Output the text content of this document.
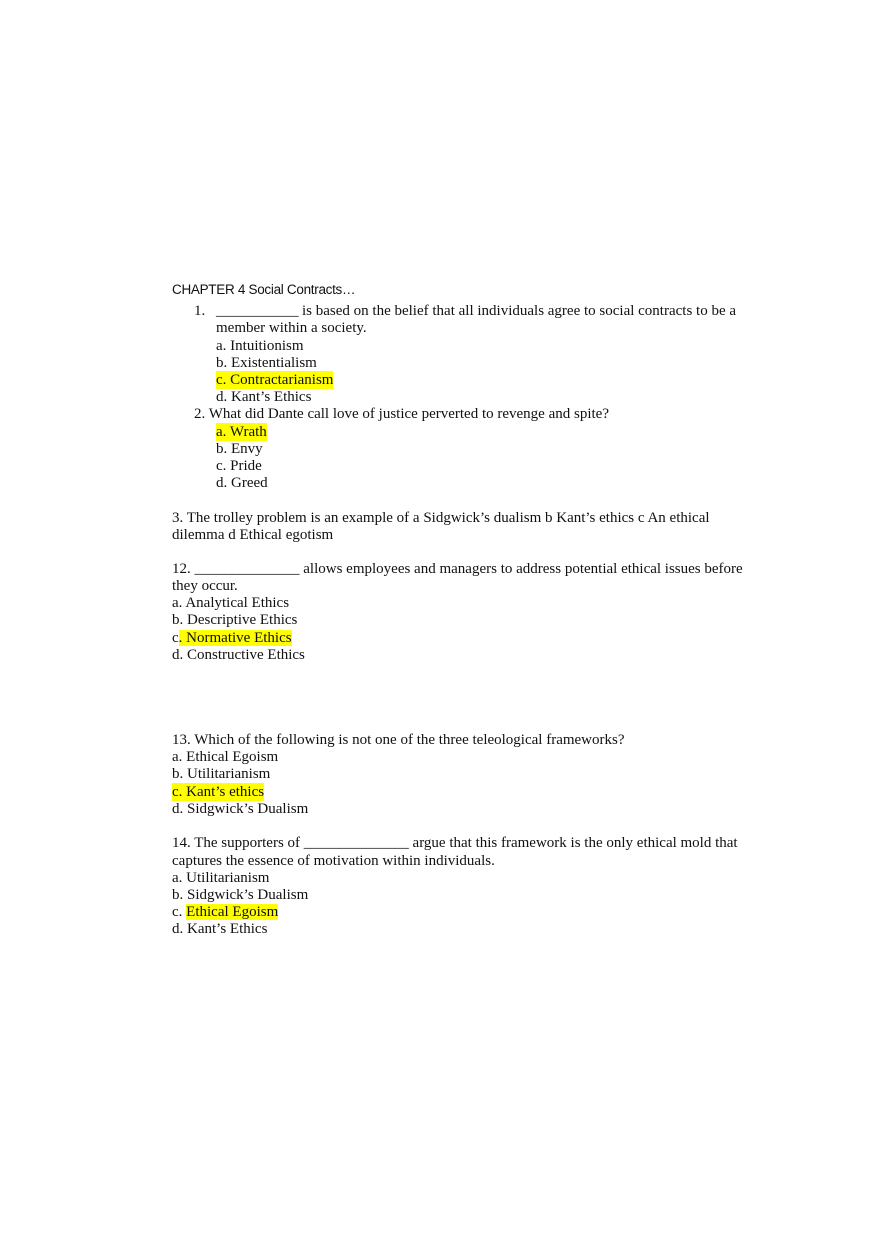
CHAPTER 4 Social Contracts…
1. ___________ is based on the belief that all individuals agree to social contracts to be a
member within a society.
a. Intuitionism
b. Existentialism
c. Contractarianism
d. Kant’s Ethics
2. What did Dante call love of justice perverted to revenge and spite?
a. Wrath
b. Envy
c. Pride
d. Greed
3. The trolley problem is an example of a Sidgwick’s dualism b Kant’s ethics c An ethical
dilemma d Ethical egotism
12. ______________ allows employees and managers to address potential ethical issues before
they occur.
a. Analytical Ethics
b. Descriptive Ethics
c. Normative Ethics
d. Constructive Ethics
13. Which of the following is not one of the three teleological frameworks?
a. Ethical Egoism
b. Utilitarianism
c. Kant’s ethics
d. Sidgwick’s Dualism
14. The supporters of ______________ argue that this framework is the only ethical mold that
captures the essence of motivation within individuals.
a. Utilitarianism
b. Sidgwick’s Dualism
c. Ethical Egoism
d. Kant’s Ethics
